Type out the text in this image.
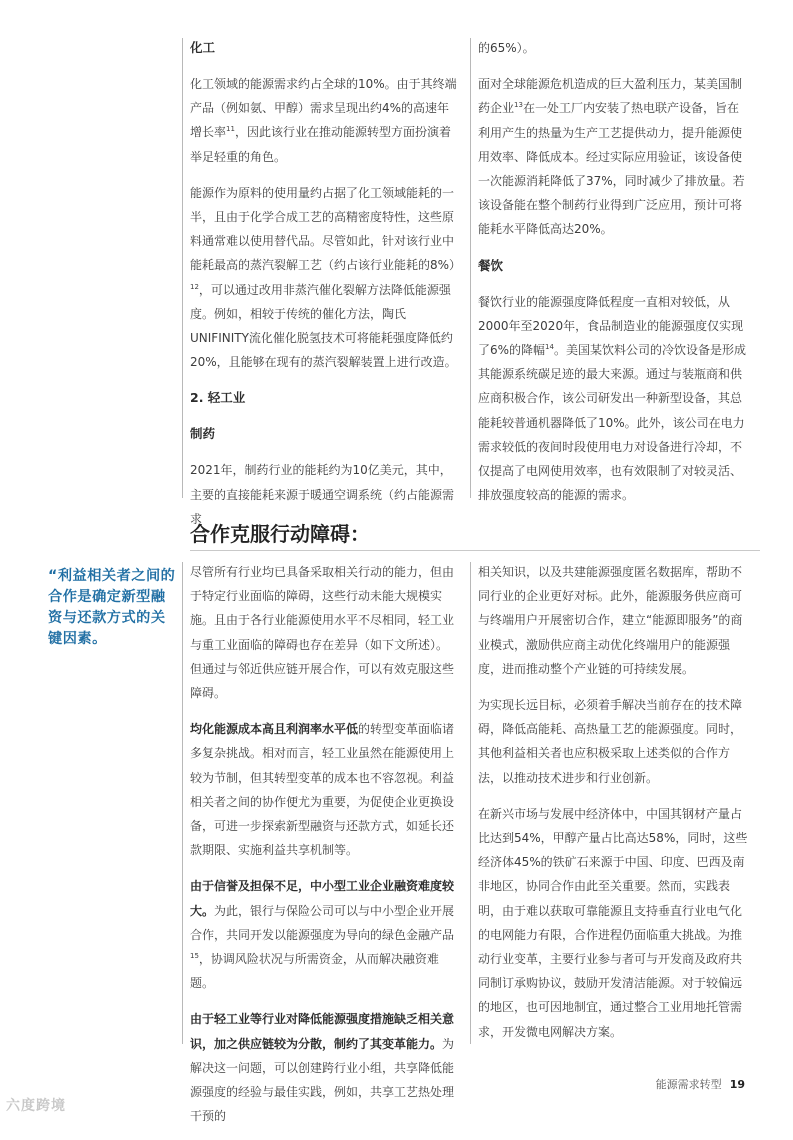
化工

化工领域的能源需求约占全球的10%。由于其终端产品（例如氨、甲醇）需求呈现出约4%的高速年增长率$^{11}$，因此该行业在推动能源转型方面扮演着举足轻重的角色。

能源作为原料的使用量约占据了化工领域能耗的一半，且由于化学合成工艺的高精密度特性，这些原料通常难以使用替代品。尽管如此，针对该行业中能耗最高的蒸汽裂解工艺（约占该行业能耗的8%）$^{12}$，可以通过改用非蒸汽催化裂解方法降低能源强度。例如，相较于传统的催化方法，陶氏UNIFINITY流化催化脱氢技术可将能耗强度降低约20%，且能够在现有的蒸汽裂解装置上进行改造。

2. 轻工业
制药

2021年，制药行业的能耗约为10亿美元，其中，主要的直接能耗来源于暖通空调系统（约占能源需求

的65%）。

面对全球能源危机造成的巨大盈利压力，某美国制药企业$^{13}$在一处工厂内安装了热电联产设备，旨在利用产生的热量为生产工艺提供动力，提升能源使用效率、降低成本。经过实际应用验证，该设备使一次能源消耗降低了37%，同时减少了排放量。若该设备能在整个制药行业得到广泛应用，预计可将能耗水平降低高达20%。

餐饮

餐饮行业的能源强度降低程度一直相对较低，从2000年至2020年，食品制造业的能源强度仅实现了6%的降幅$^{14}$。美国某饮料公司的冷饮设备是形成其能源系统碳足迹的最大来源。通过与装瓶商和供应商积极合作，该公司研发出一种新型设备，其总能耗较普通机器降低了10%。此外，该公司在电力需求较低的夜间时段使用电力对设备进行冷却，不仅提高了电网使用效率，也有效限制了对较灵活、排放强度较高的能源的需求。

合作克服行动障碍：
“利益相关者之间的合作是确定新型融资与还款方式的关键因素。

尽管所有行业均已具备采取相关行动的能力，但由于特定行业面临的障碍，这些行动未能大规模实施。且由于各行业能源使用水平不尽相同，轻工业与重工业面临的障碍也存在差异（如下文所述）。但通过与邻近供应链开展合作，可以有效克服这些障碍。

均化能源成本高且利润率水平低的转型变革面临诸多复杂挑战。相对而言，轻工业虽然在能源使用上较为节制，但其转型变革的成本也不容忽视。利益相关者之间的协作便尤为重要，为促使企业更换设备，可进一步探索新型融资与还款方式，如延长还款期限、实施利益共享机制等。

由于信誉及担保不足，中小型工业企业融资难度较大。为此，银行与保险公司可以与中小型企业开展合作，共同开发以能源强度为导向的绿色金融产品$^{15}$，协调风险状况与所需资金，从而解决融资难题。

由于轻工业等行业对降低能源强度措施缺乏相关意识，加之供应链较为分散，制约了其变革能力。为解决这一问题，可以创建跨行业小组，共享降低能源强度的经验与最佳实践，例如，共享工艺热处理干预的

相关知识，以及共建能源强度匿名数据库，帮助不同行业的企业更好对标。此外，能源服务供应商可与终端用户开展密切合作，建立“能源即服务”的商业模式，激励供应商主动优化终端用户的能源强度，进而推动整个产业链的可持续发展。

为实现长远目标，必须着手解决当前存在的技术障碍，降低高能耗、高热量工艺的能源强度。同时，其他利益相关者也应积极采取上述类似的合作方法，以推动技术进步和行业创新。

在新兴市场与发展中经济体中，中国其钢材产量占比达到54%，甲醇产量占比高达58%，同时，这些经济体45%的铁矿石来源于中国、印度、巴西及南非地区，协同合作由此至关重要。然而，实践表明，由于难以获取可靠能源且支持垂直行业电气化的电网能力有限，合作进程仍面临重大挑战。为推动行业变革，主要行业参与者可与开发商及政府共同制订承购协议，鼓励开发清洁能源。对于较偏远的地区，也可因地制宜，通过整合工业用地托管需求，开发微电网解决方案。

能源需求转型 19
六度跨境
